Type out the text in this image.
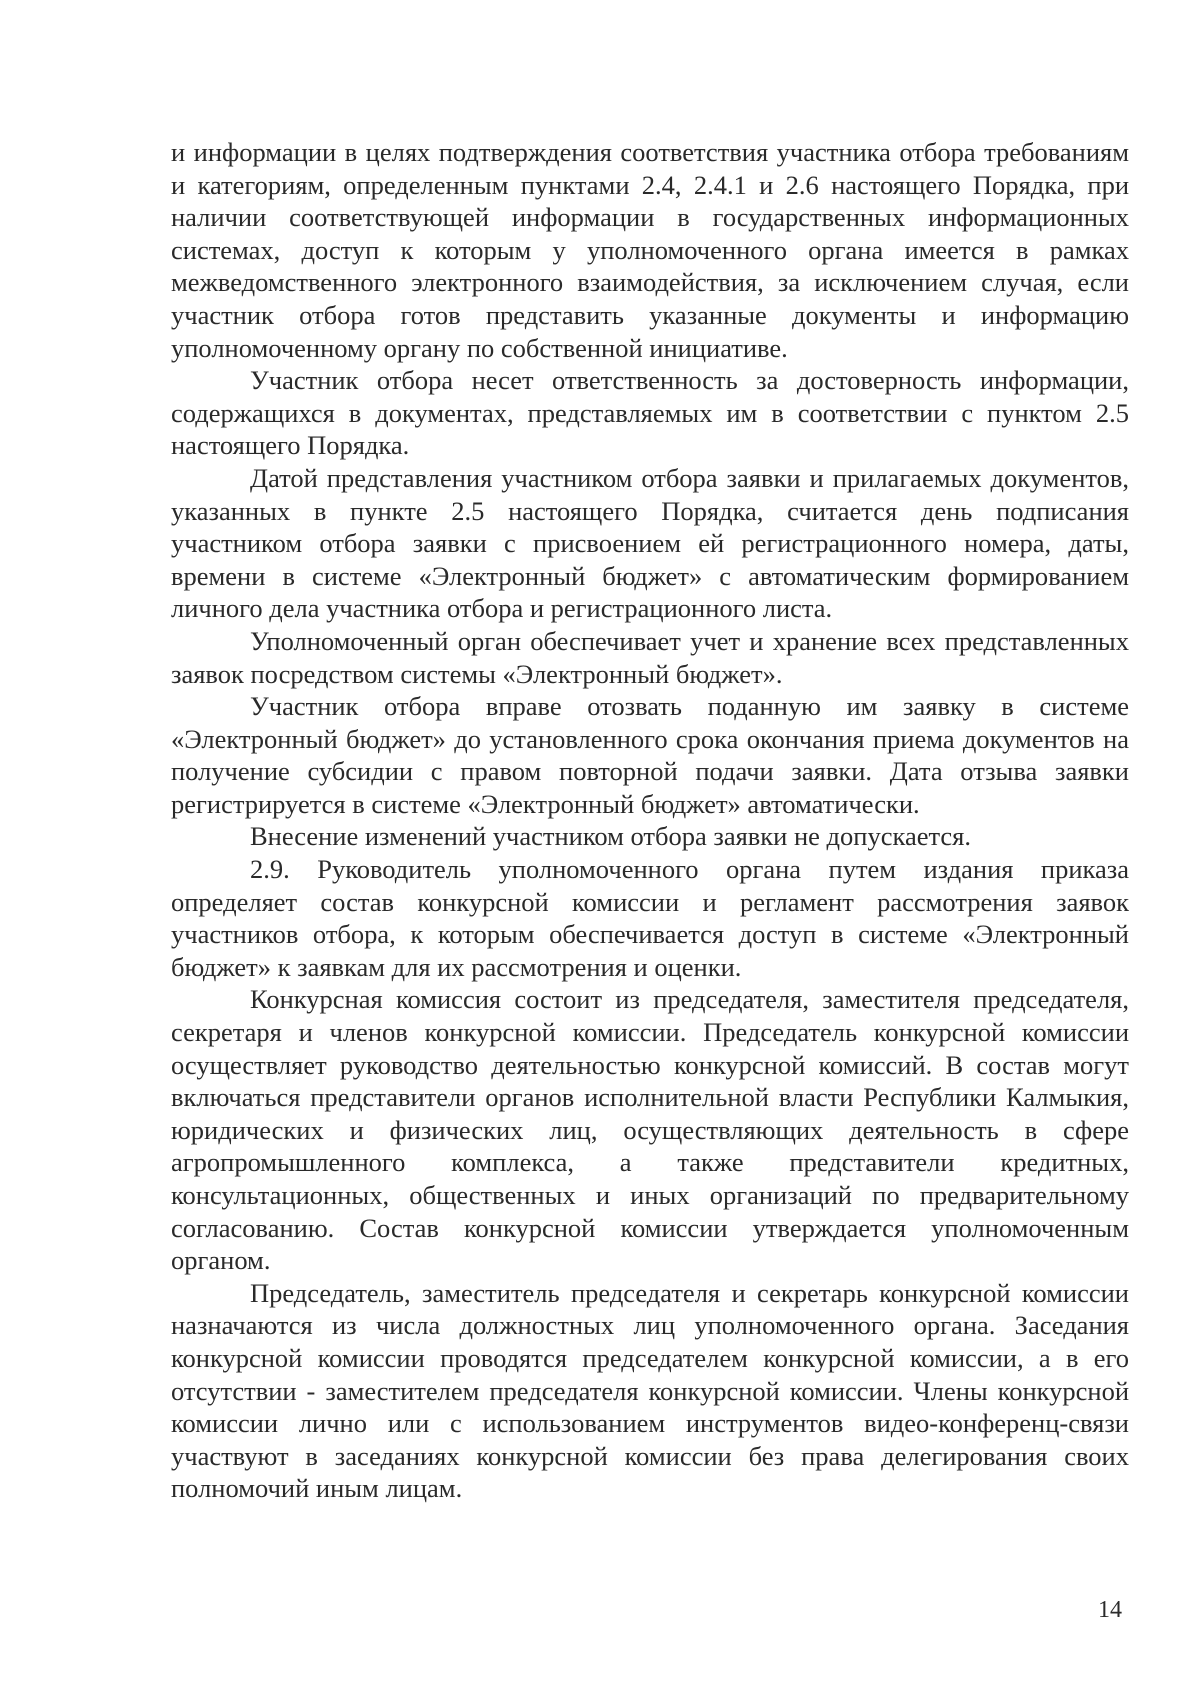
и информации в целях подтверждения соответствия участника отбора требованиям и категориям, определенным пунктами 2.4, 2.4.1 и 2.6 настоящего Порядка, при наличии соответствующей информации в государственных информационных системах, доступ к которым у уполномоченного органа имеется в рамках межведомственного электронного взаимодействия, за исключением случая, если участник отбора готов представить указанные документы и информацию уполномоченному органу по собственной инициативе.

Участник отбора несет ответственность за достоверность информации, содержащихся в документах, представляемых им в соответствии с пунктом 2.5 настоящего Порядка.

Датой представления участником отбора заявки и прилагаемых документов, указанных в пункте 2.5 настоящего Порядка, считается день подписания участником отбора заявки с присвоением ей регистрационного номера, даты, времени в системе «Электронный бюджет» с автоматическим формированием личного дела участника отбора и регистрационного листа.

Уполномоченный орган обеспечивает учет и хранение всех представленных заявок посредством системы «Электронный бюджет».

Участник отбора вправе отозвать поданную им заявку в системе «Электронный бюджет» до установленного срока окончания приема документов на получение субсидии с правом повторной подачи заявки. Дата отзыва заявки регистрируется в системе «Электронный бюджет» автоматически.

Внесение изменений участником отбора заявки не допускается.

2.9. Руководитель уполномоченного органа путем издания приказа определяет состав конкурсной комиссии и регламент рассмотрения заявок участников отбора, к которым обеспечивается доступ в системе «Электронный бюджет» к заявкам для их рассмотрения и оценки.

Конкурсная комиссия состоит из председателя, заместителя председателя, секретаря и членов конкурсной комиссии. Председатель конкурсной комиссии осуществляет руководство деятельностью конкурсной комиссий. В состав могут включаться представители органов исполнительной власти Республики Калмыкия, юридических и физических лиц, осуществляющих деятельность в сфере агропромышленного комплекса, а также представители кредитных, консультационных, общественных и иных организаций по предварительному согласованию. Состав конкурсной комиссии утверждается уполномоченным органом.

Председатель, заместитель председателя и секретарь конкурсной комиссии назначаются из числа должностных лиц уполномоченного органа. Заседания конкурсной комиссии проводятся председателем конкурсной комиссии, а в его отсутствии - заместителем председателя конкурсной комиссии. Члены конкурсной комиссии лично или с использованием инструментов видео-конференц-связи участвуют в заседаниях конкурсной комиссии без права делегирования своих полномочий иным лицам.

14
